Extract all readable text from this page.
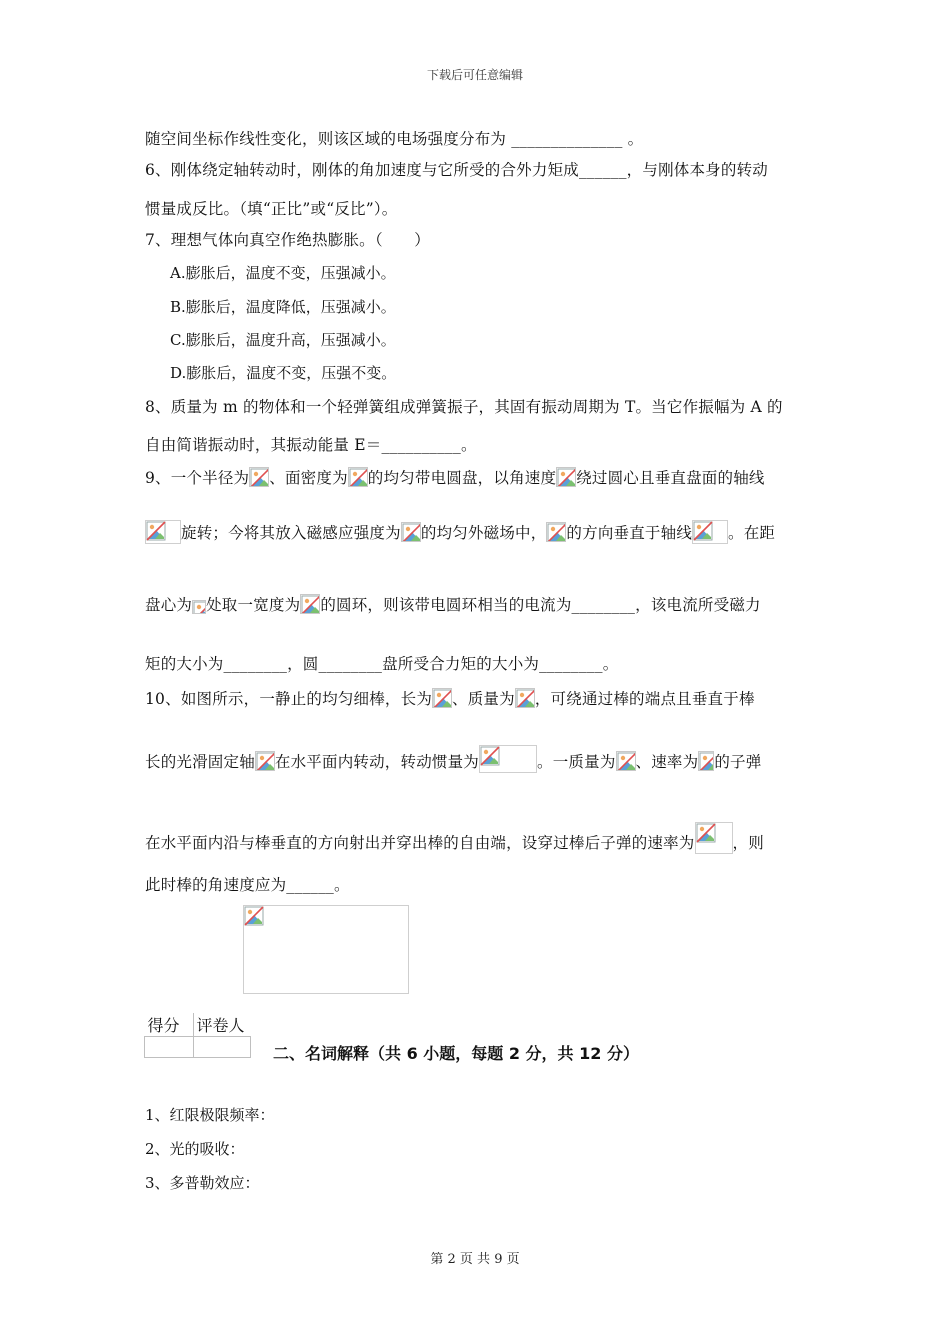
下载后可任意编辑
随空间坐标作线性变化，则该区域的电场强度分布为 ______________ 。
6、刚体绕定轴转动时，刚体的角加速度与它所受的合外力矩成______，与刚体本身的转动
惯量成反比。（填“正比”或“反比”）。
7、理想气体向真空作绝热膨胀。（　　）
A.膨胀后，温度不变，压强减小。
B.膨胀后，温度降低，压强减小。
C.膨胀后，温度升高，压强减小。
D.膨胀后，温度不变，压强不变。
8、质量为 m 的物体和一个轻弹簧组成弹簧振子，其固有振动周期为 T。当它作振幅为 A 的
自由简谐振动时，其振动能量 E＝__________。
9、一个半径为 、面密度为 的均匀带电圆盘，以角速度 绕过圆心且垂直盘面的轴线
旋转；今将其放入磁感应强度为 的均匀外磁场中， 的方向垂直于轴线 。在距
盘心为 处取一宽度为 的圆环，则该带电圆环相当的电流为________，该电流所受磁力
矩的大小为________，圆________盘所受合力矩的大小为________。
10、如图所示，一静止的均匀细棒，长为 、质量为 ，可绕通过棒的端点且垂直于棒
长的光滑固定轴 在水平面内转动，转动惯量为	。一质量为 、速率为 的子弹
在水平面内沿与棒垂直的方向射出并穿出棒的自由端，设穿过棒后子弹的速率为 ，则
此时棒的角速度应为______。
得分	评卷人

二、名词解释（共 6 小题，每题 2 分，共 12 分）
1、红限极限频率：
2、光的吸收：
3、多普勒效应：
第 2 页 共 9 页
